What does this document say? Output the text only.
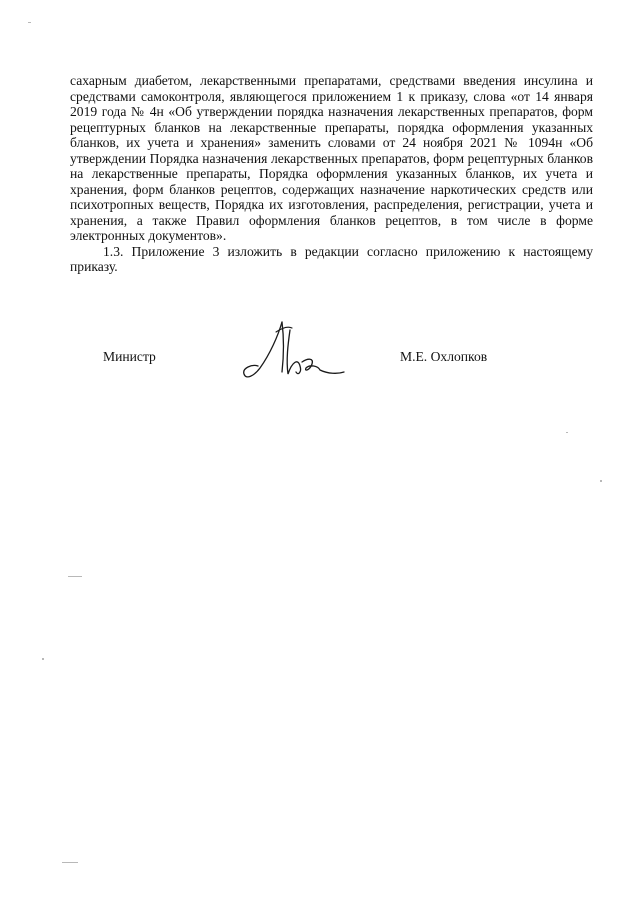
сахарным диабетом, лекарственными препаратами, средствами введения инсулина и средствами самоконтроля, являющегося приложением 1 к приказу, слова «от 14 января 2019 года № 4н «Об утверждении порядка назначения лекарственных препаратов, форм рецептурных бланков на лекарственные препараты, порядка оформления указанных бланков, их учета и хранения» заменить словами от 24 ноября 2021 № 1094н «Об утверждении Порядка назначения лекарственных препаратов, форм рецептурных бланков на лекарственные препараты, Порядка оформления указанных бланков, их учета и хранения, форм бланков рецептов, содержащих назначение наркотических средств или психотропных веществ, Порядка их изготовления, распределения, регистрации, учета и хранения, а также Правил оформления бланков рецептов, в том числе в форме электронных документов».

1.3. Приложение 3 изложить в редакции согласно приложению к настоящему приказу.

Министр	М.Е. Охлопков
